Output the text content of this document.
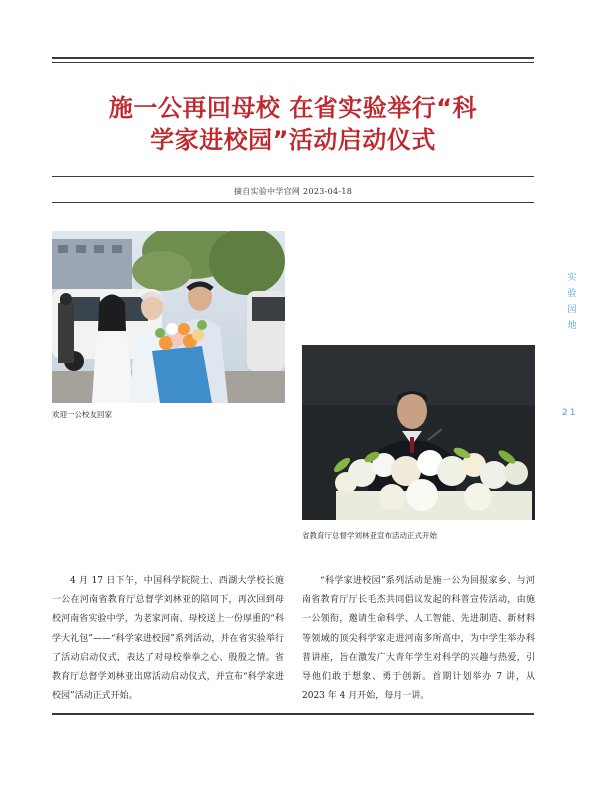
施一公再回母校 在省实验举行“科
学家进校园”活动启动仪式
摘自实验中学官网 2023-04-18
实
验
园
地
21
欢迎一公校友回家
省教育厅总督学刘林亚宣布活动正式开始

4 月 17 日下午，中国科学院院士、西湖大学校长施一公在河南省教育厅总督学刘林亚的陪同下，再次回到母校河南省实验中学，为老家河南、母校送上一份厚重的“科学大礼包”——“科学家进校园”系列活动，并在省实验举行了活动启动仪式，表达了对母校拳拳之心、殷殷之情。省教育厅总督学刘林亚出席活动启动仪式，并宣布“科学家进校园”活动正式开始。

“科学家进校园”系列活动是施一公为回报家乡、与河南省教育厅厅长毛杰共同倡议发起的科普宣传活动，由施一公领衔，邀请生命科学、人工智能、先进制造、新材料等领域的顶尖科学家走进河南多所高中，为中学生举办科普讲座，旨在激发广大青年学生对科学的兴趣与热爱，引导他们敢于想象、勇于创新。首期计划举办 7 讲，从 2023 年 4 月开始，每月一讲。
